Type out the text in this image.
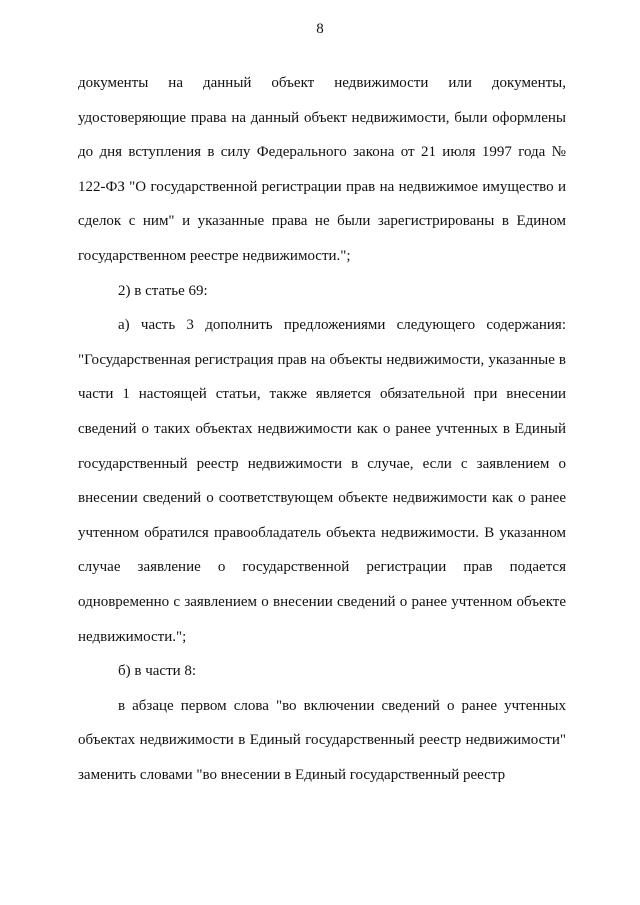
8

документы на данный объект недвижимости или документы, удостоверяющие права на данный объект недвижимости, были оформлены до дня вступления в силу Федерального закона от 21 июля 1997 года № 122-ФЗ "О государственной регистрации прав на недвижимое имущество и сделок с ним" и указанные права не были зарегистрированы в Едином государственном реестре недвижимости.";

2) в статье 69:

а) часть 3 дополнить предложениями следующего содержания: "Государственная регистрация прав на объекты недвижимости, указанные в части 1 настоящей статьи, также является обязательной при внесении сведений о таких объектах недвижимости как о ранее учтенных в Единый государственный реестр недвижимости в случае, если с заявлением о внесении сведений о соответствующем объекте недвижимости как о ранее учтенном обратился правообладатель объекта недвижимости. В указанном случае заявление о государственной регистрации прав подается одновременно с заявлением о внесении сведений о ранее учтенном объекте недвижимости.";

б) в части 8:

в абзаце первом слова "во включении сведений о ранее учтенных объектах недвижимости в Единый государственный реестр недвижимости" заменить словами "во внесении в Единый государственный реестр
